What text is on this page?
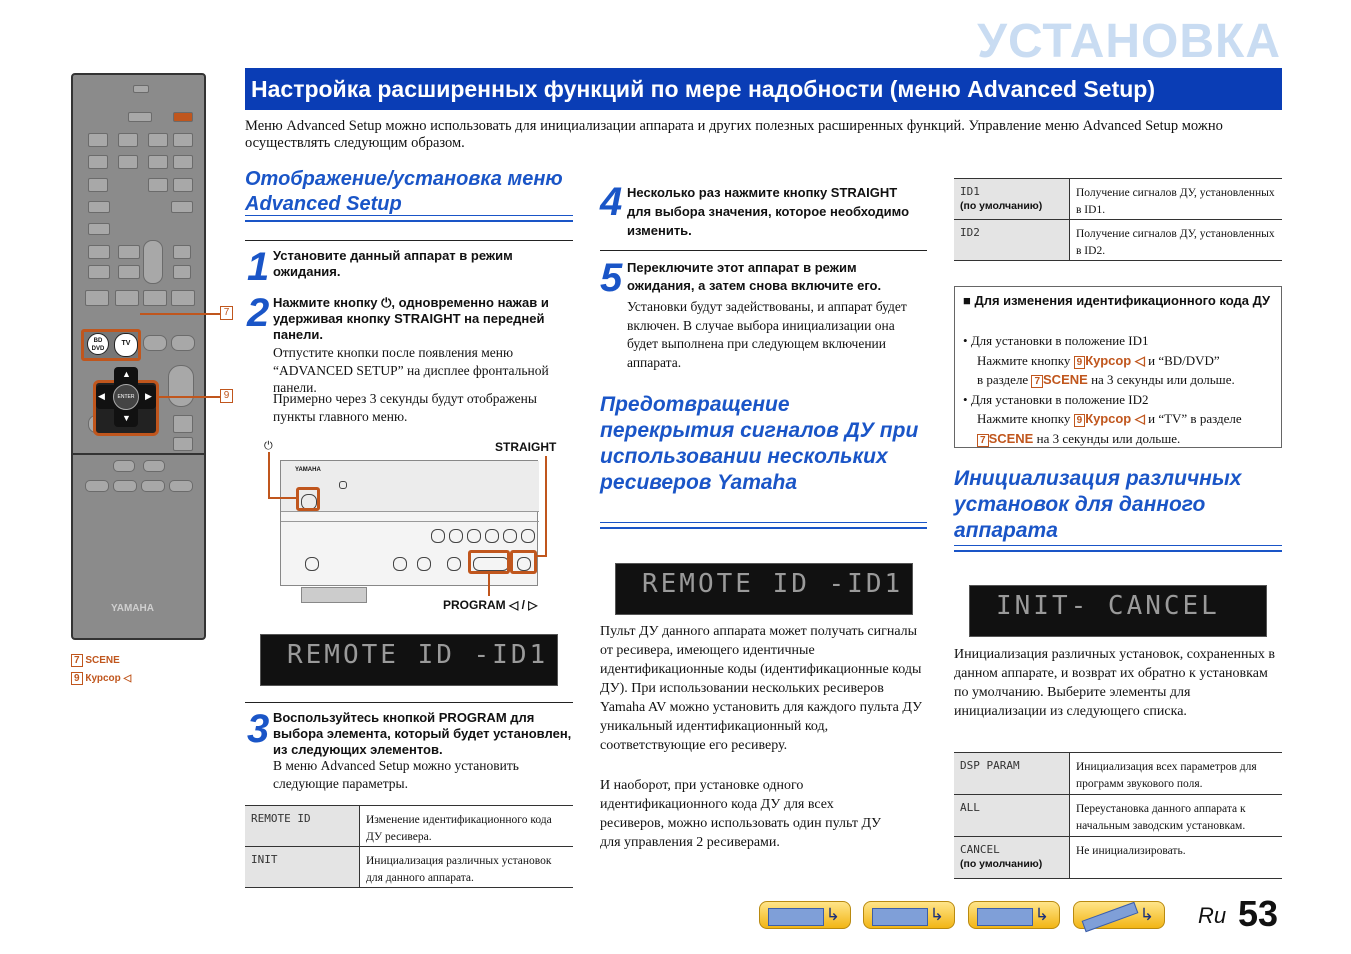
УСТАНОВКА
Настройка расширенных функций по мере надобности (меню Advanced Setup)
Меню Advanced Setup можно использовать для инициализации аппарата и других полезных расширенных функций. Управление меню Advanced Setup можно осуществлять следующим образом.
YAMAHA
BD DVD
TV
ENTER
▲
▼
◀	▶
7
9
7 SCENE
9 Курсор ◁
Отображение/установка меню Advanced Setup
1 Установите данный аппарат в режим ожидания.
2 Нажмите кнопку ⏻, одновременно нажав и удерживая кнопку STRAIGHT на передней панели.
Отпустите кнопки после появления меню “ADVANCED SETUP” на дисплее фронтальной панели.
Примерно через 3 секунды будут отображены пункты главного меню.
⏻	STRAIGHT
YAMAHA
PROGRAM ◁ / ▷
REMOTE ID -ID1
3 Воспользуйтесь кнопкой PROGRAM для выбора элемента, который будет установлен, из следующих элементов.
В меню Advanced Setup можно установить следующие параметры.
REMOTE ID	Изменение идентификационного кода ДУ ресивера.
INIT	Инициализация различных установок для данного аппарата.
4 Несколько раз нажмите кнопку STRAIGHT для выбора значения, которое необходимо изменить.
5 Переключите этот аппарат в режим ожидания, а затем снова включите его.
Установки будут задействованы, и аппарат будет включен. В случае выбора инициализации она будет выполнена при следующем включении аппарата.
Предотвращение перекрытия сигналов ДУ при использовании нескольких ресиверов Yamaha
REMOTE ID -ID1
Пульт ДУ данного аппарата может получать сигналы от ресивера, имеющего идентичные идентификационные коды (идентификационные коды ДУ). При использовании нескольких ресиверов Yamaha AV можно установить для каждого пульта ДУ уникальный идентификационный код, соответствующие его ресиверу.
И наоборот, при установке одного идентификационного кода ДУ для всех ресиверов, можно использовать один пульт ДУ для управления 2 ресиверами.
ID1
(по умолчанию)	Получение сигналов ДУ, установленных в ID1.
ID2	Получение сигналов ДУ, установленных в ID2.
■ Для изменения идентификационного кода ДУ
• Для установки в положение ID1
Нажмите кнопку 9 Курсор ◁ и “BD/DVD”
в разделе 7 SCENE на 3 секунды или дольше.
• Для установки в положение ID2
Нажмите кнопку 9 Курсор ◁ и “TV” в разделе
7 SCENE на 3 секунды или дольше.
Инициализация различных установок для данного аппарата
INIT- CANCEL
Инициализация различных установок, сохраненных в данном аппарате, и возврат их обратно к установкам по умолчанию. Выберите элементы для инициализации из следующего списка.
DSP PARAM	Инициализация всех параметров для программ звукового поля.
ALL	Переустановка данного аппарата к начальным заводским установкам.
CANCEL
(по умолчанию)	Не инициализировать.
↳	↳	↳	↳ Ru 53
